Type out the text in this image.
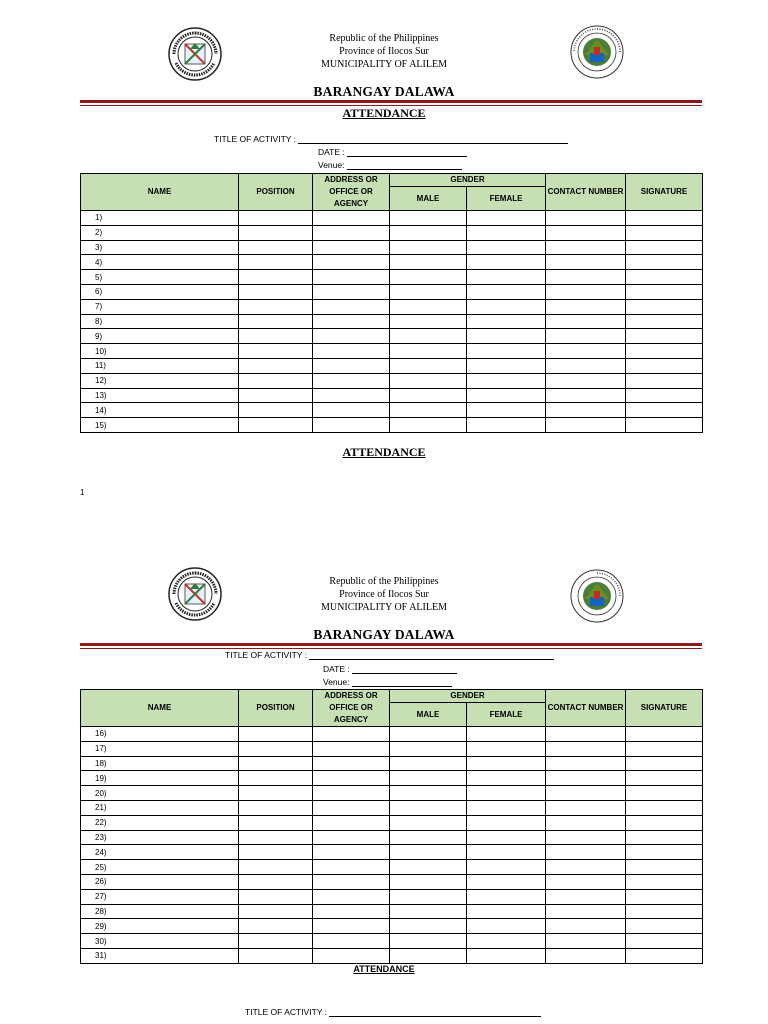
Republic of the Philippines
Province of Ilocos Sur
MUNICIPALITY OF ALILEM
BARANGAY DALAWA
ATTENDANCE
TITLE OF ACTIVITY :
DATE :
Venue:
NAME	POSITION	ADDRESS OR OFFICE OR AGENCY	GENDER		CONTACT NUMBER	SIGNATURE
			MALE	FEMALE		
1)						
2)						
3)						
4)						
5)						
6)						
7)						
8)						
9)						
10)						
11)						
12)						
13)						
14)						
15)						
ATTENDANCE
1
Republic of the Philippines
Province of Ilocos Sur
MUNICIPALITY OF ALILEM
BARANGAY DALAWA
TITLE OF ACTIVITY :
DATE :
Venue:
NAME	POSITION	ADDRESS OR OFFICE OR AGENCY	GENDER		CONTACT NUMBER	SIGNATURE
			MALE	FEMALE		
16)						
17)						
18)						
19)						
20)						
21)						
22)						
23)						
24)						
25)						
26)						
27)						
28)						
29)						
30)						
31)						
ATTENDANCE
TITLE OF ACTIVITY :
